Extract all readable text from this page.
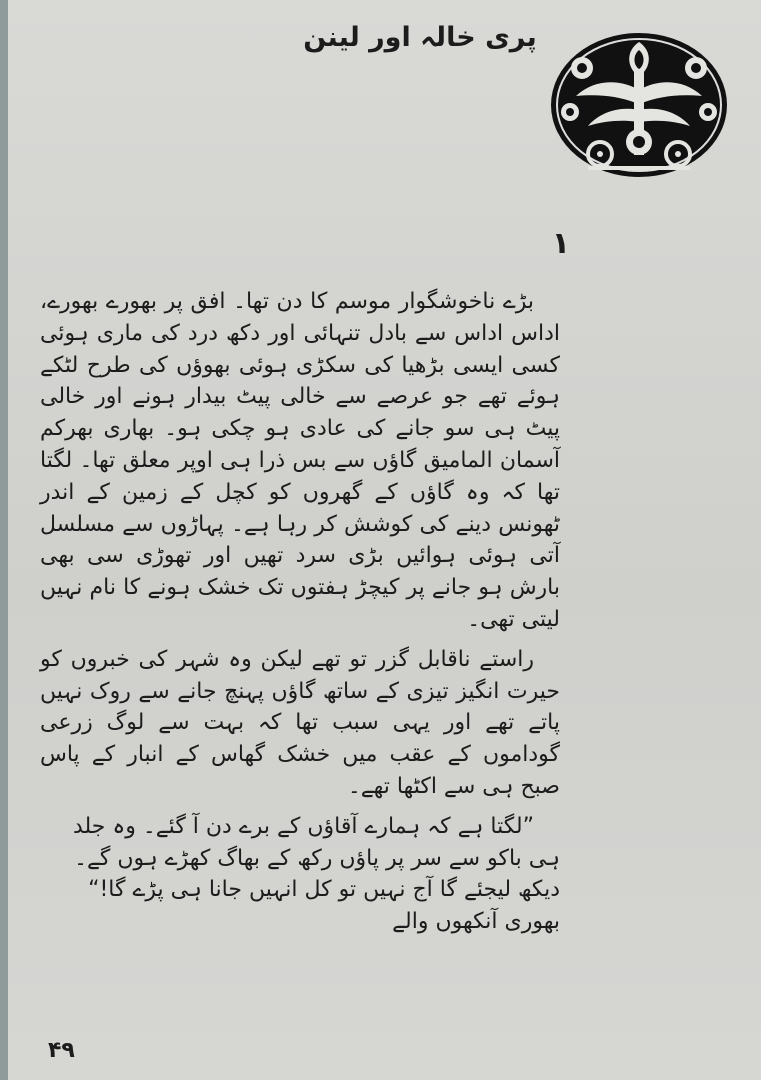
پری خالہ اور لینن
١

بڑے ناخوشگوار موسم کا دن تھا۔ افق پر بھورے بھورے، اداس اداس سے بادل تنہائی اور دکھ درد کی ماری ہوئی کسی ایسی بڑھیا کی سکڑی ہوئی بھوؤں کی طرح لٹکے ہوئے تھے جو عرصے سے خالی پیٹ بیدار ہونے اور خالی پیٹ ہی سو جانے کی عادی ہو چکی ہو۔ بھاری بھرکم آسمان المامیق گاؤں سے بس ذرا ہی اوپر معلق تھا۔ لگتا تھا کہ وہ گاؤں کے گھروں کو کچل کے زمین کے اندر ٹھونس دینے کی کوشش کر رہا ہے۔ پہاڑوں سے مسلسل آتی ہوئی ہوائیں بڑی سرد تھیں اور تھوڑی سی بھی بارش ہو جانے پر کیچڑ ہفتوں تک خشک ہونے کا نام نہیں لیتی تھی۔

راستے ناقابل گزر تو تھے لیکن وہ شہر کی خبروں کو حیرت انگیز تیزی کے ساتھ گاؤں پہنچ جانے سے روک نہیں پاتے تھے اور یہی سبب تھا کہ بہت سے لوگ زرعی گوداموں کے عقب میں خشک گھاس کے انبار کے پاس صبح ہی سے اکٹھا تھے۔

”لگتا ہے کہ ہمارے آقاؤں کے برے دن آ گئے۔ وہ جلد ہی باکو سے سر پر پاؤں رکھ کے بھاگ کھڑے ہوں گے۔ دیکھ لیجئے گا آج نہیں تو کل انہیں جانا ہی پڑے گا!“ بھوری آنکھوں والے

۴۹
